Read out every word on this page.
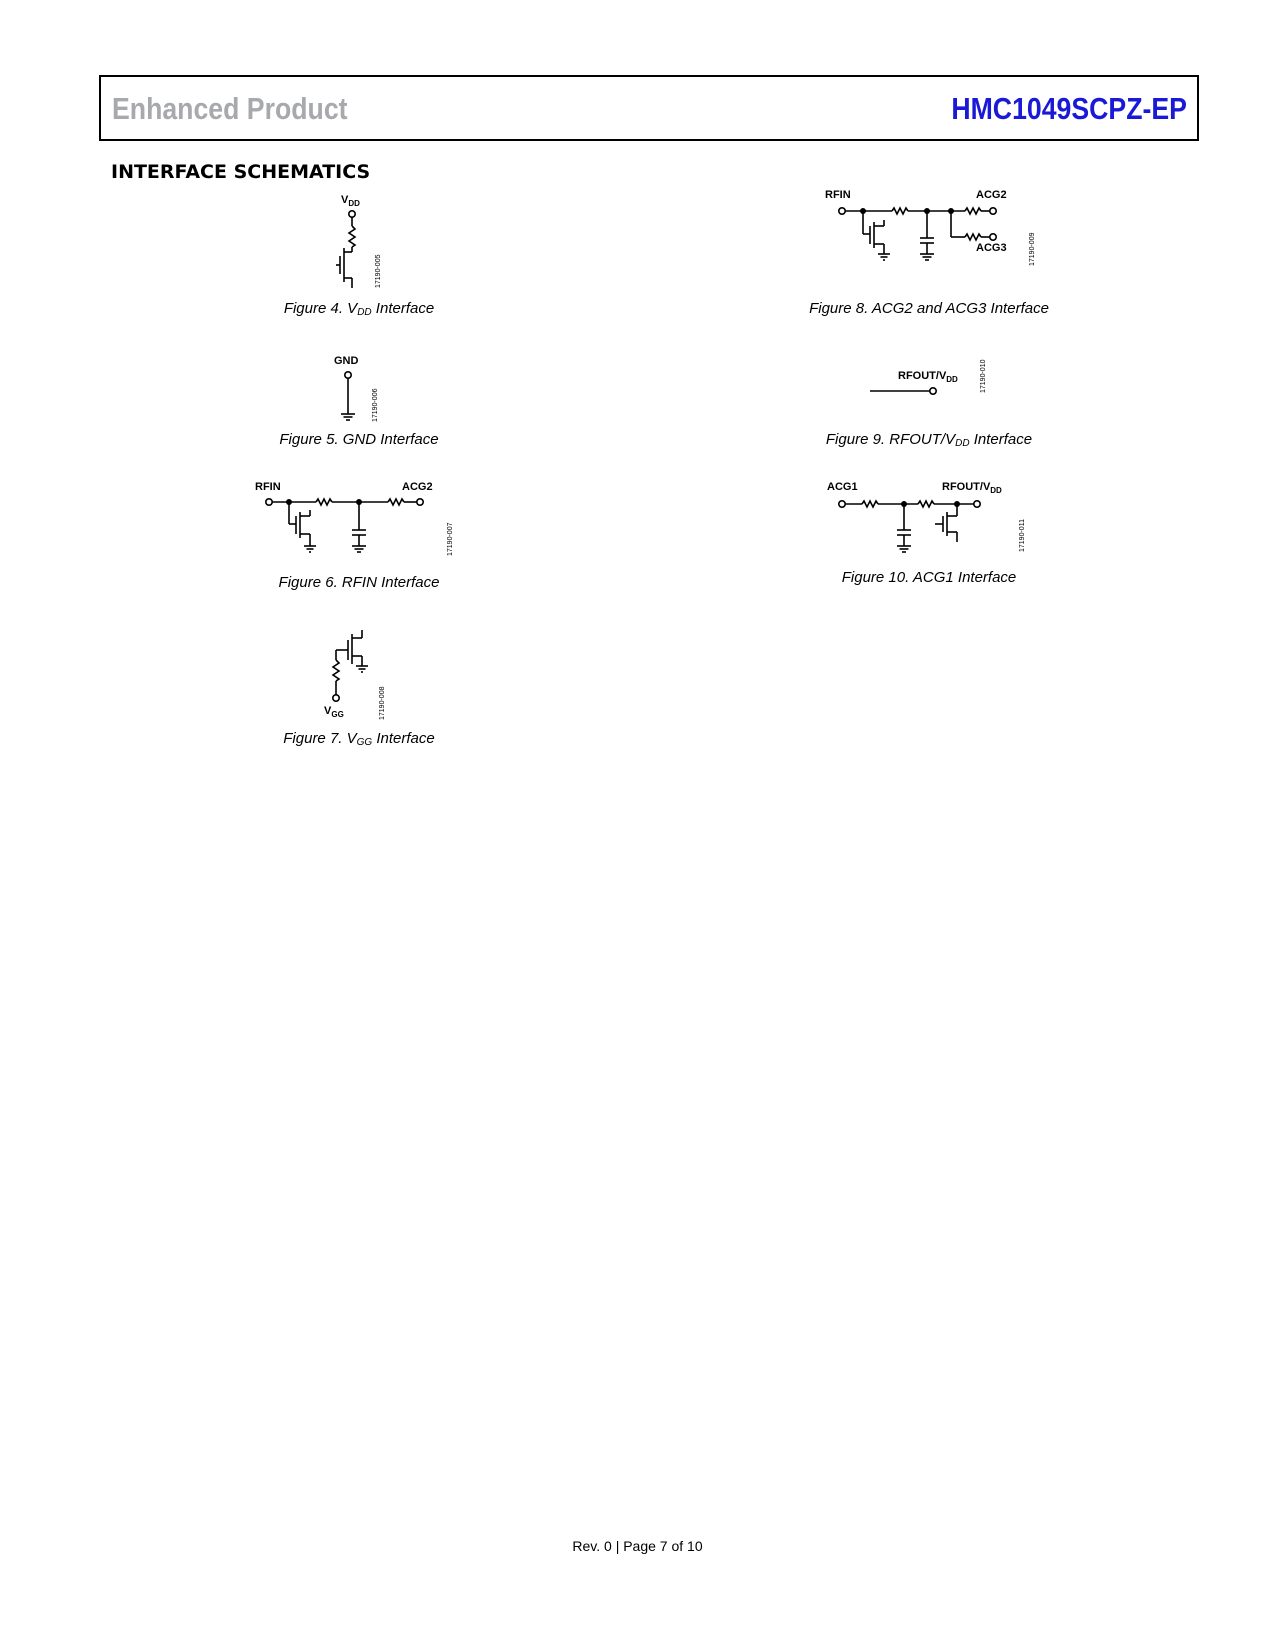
Enhanced Product	HMC1049SCPZ-EP
INTERFACE SCHEMATICS
$V_{DD}$
17190-005
Figure 4. $V_{DD}$ Interface
GND
17190-006
Figure 5. GND Interface
RFIN	ACG2
17190-007
Figure 6. RFIN Interface
$V_{GG}$	17190-008
Figure 7. $V_{GG}$ Interface
RFIN	ACG2
ACG3	17190-009
Figure 8. ACG2 and ACG3 Interface
RFOUT/$V_{DD}$	17190-010
Figure 9. RFOUT/$V_{DD}$ Interface
ACG1	RFOUT/$V_{DD}$
17190-011
Figure 10. ACG1 Interface
Rev. 0 | Page 7 of 10
